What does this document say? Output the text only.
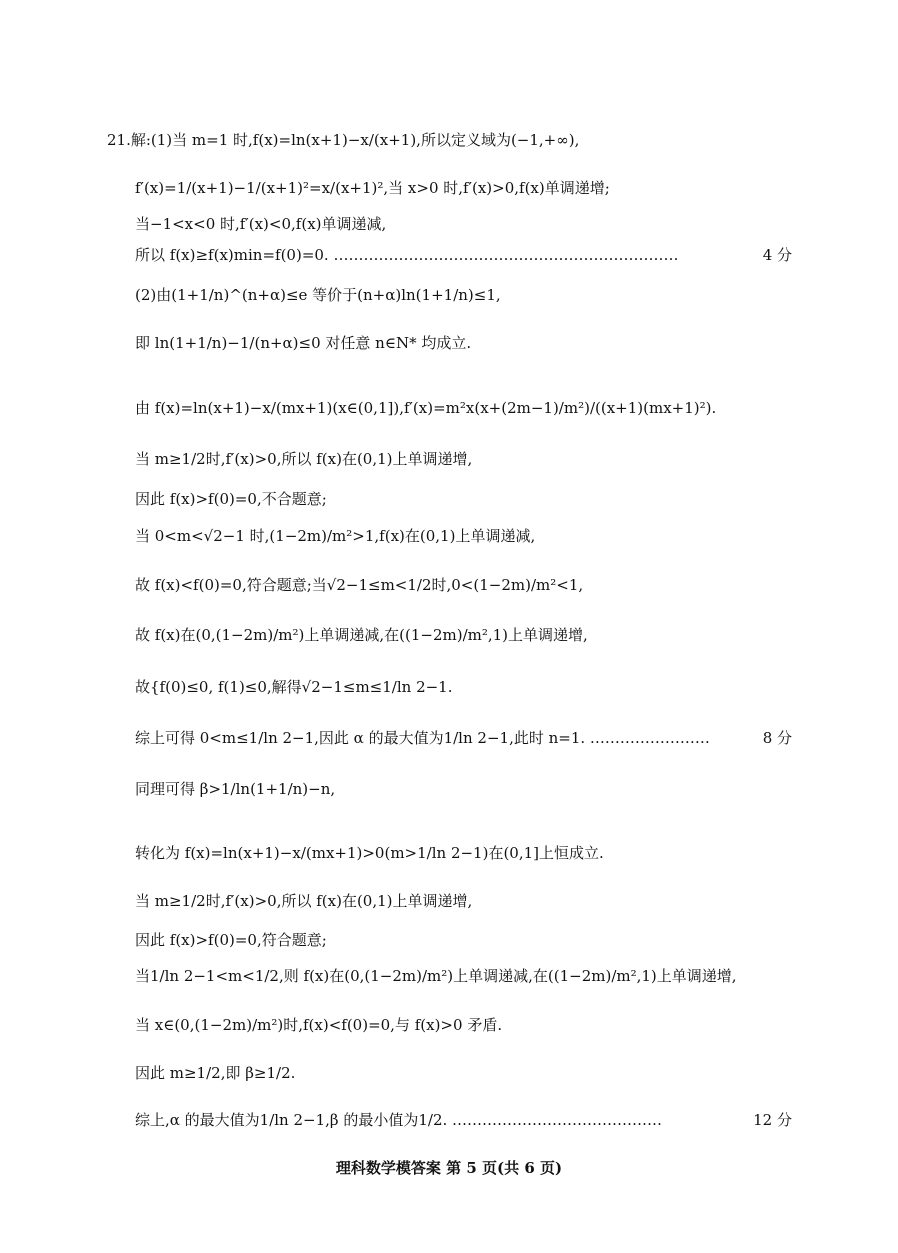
21.解:(1)当 m=1 时,f(x)=ln(x+1)−x/(x+1),所以定义域为(−1,+∞),
f′(x)=1/(x+1)−1/(x+1)²=x/(x+1)²,当 x>0 时,f′(x)>0,f(x)单调递增;
当−1<x<0 时,f′(x)<0,f(x)单调递减,
所以 f(x)≥f(x)min=f(0)=0. ……………………………………………………………	4 分
(2)由(1+1/n)^(n+α)≤e 等价于(n+α)ln(1+1/n)≤1,
即 ln(1+1/n)−1/(n+α)≤0 对任意 n∈N* 均成立.
由 f(x)=ln(x+1)−x/(mx+1)(x∈(0,1]),f′(x)=m²x(x+(2m−1)/m²)/((x+1)(mx+1)²).
当 m≥1/2时,f′(x)>0,所以 f(x)在(0,1)上单调递增,
因此 f(x)>f(0)=0,不合题意;
当 0<m<√2−1 时,(1−2m)/m²>1,f(x)在(0,1)上单调递减,
故 f(x)<f(0)=0,符合题意;当√2−1≤m<1/2时,0<(1−2m)/m²<1,
故 f(x)在(0,(1−2m)/m²)上单调递减,在((1−2m)/m²,1)上单调递增,
故{f(0)≤0, f(1)≤0,解得√2−1≤m≤1/ln 2−1.
综上可得 0<m≤1/ln 2−1,因此 α 的最大值为1/ln 2−1,此时 n=1. ……………………	8 分
同理可得 β>1/ln(1+1/n)−n,
转化为 f(x)=ln(x+1)−x/(mx+1)>0(m>1/ln 2−1)在(0,1]上恒成立.
当 m≥1/2时,f′(x)>0,所以 f(x)在(0,1)上单调递增,
因此 f(x)>f(0)=0,符合题意;
当1/ln 2−1<m<1/2,则 f(x)在(0,(1−2m)/m²)上单调递减,在((1−2m)/m²,1)上单调递增,
当 x∈(0,(1−2m)/m²)时,f(x)<f(0)=0,与 f(x)>0 矛盾.
因此 m≥1/2,即 β≥1/2.
综上,α 的最大值为1/ln 2−1,β 的最小值为1/2. ……………………………………	12 分
理科数学模答案 第 5 页(共 6 页)
